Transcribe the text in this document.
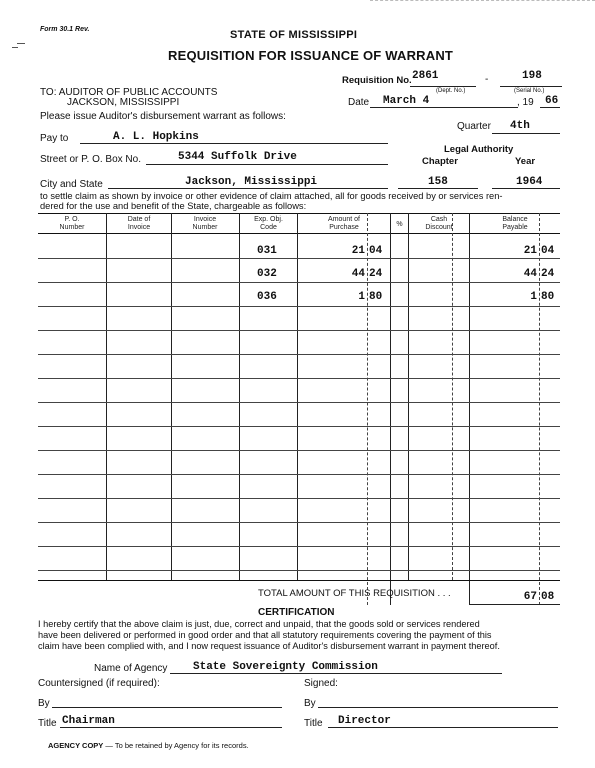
Form 30.1 Rev.	STATE OF MISSISSIPPI
REQUISITION FOR ISSUANCE OF WARRANT
Requisition No. 2861	-	198
(Dept. No.)	(Serial No.)
TO: AUDITOR OF PUBLIC ACCOUNTS
JACKSON, MISSISSIPPI
Please issue Auditor's disbursement warrant as follows:
Date March 4	, 19 66
Quarter 4th
Pay to	A. L. Hopkins
Legal Authority
Chapter	Year
Street or P. O. Box No.	5344 Suffolk Drive
City and State	Jackson, Mississippi	158	1964
to settle claim as shown by invoice or other evidence of claim attached, all for goods received by or services ren-
dered for the use and benefit of the State, chargeable as follows:
P. O.
Number
Date of
Invoice
Invoice
Number
Exp. Obj.
Code
Amount of
Purchase	%
Cash
Discount
Balance
Payable
031	21 04	21 04
032	44 24	44 24
036	1 80	1 80
TOTAL AMOUNT OF THIS REQUISITION . . .	67 08
CERTIFICATION
I hereby certify that the above claim is just, due, correct and unpaid, that the goods sold or services rendered
have been delivered or performed in good order and that all statutory requirements covering the payment of this
claim have been complied with, and I now request issuance of Auditor's disbursement warrant in payment thereof.
Name of Agency State Sovereignty Commission
Countersigned (if required):	Signed:
By	By
Title Chairman	Title Director
AGENCY COPY — To be retained by Agency for its records.
